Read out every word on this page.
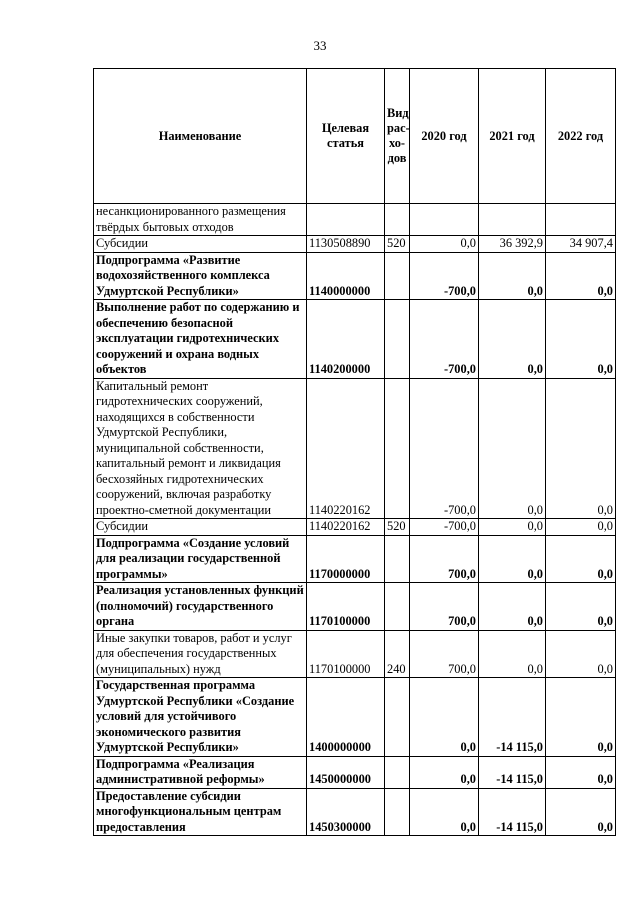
33
Наименование	Целевая статья	Вид рас-хо-дов	2020 год	2021 год	2022 год
несанкционированного размещения твёрдых бытовых отходов					
Субсидии	1130508890	520	0,0	36 392,9	34 907,4
Подпрограмма «Развитие водохозяйственного комплекса Удмуртской Республики»	1140000000		-700,0	0,0	0,0
Выполнение работ по содержанию и обеспечению безопасной эксплуатации гидротехнических сооружений и охрана водных объектов	1140200000		-700,0	0,0	0,0
Капитальный ремонт гидротехнических сооружений, находящихся в собственности Удмуртской Республики, муниципальной собственности, капитальный ремонт и ликвидация бесхозяйных гидротехнических сооружений, включая разработку проектно-сметной документации	1140220162		-700,0	0,0	0,0
Субсидии	1140220162	520	-700,0	0,0	0,0
Подпрограмма «Создание условий для реализации государственной программы»	1170000000		700,0	0,0	0,0
Реализация установленных функций (полномочий) государственного органа	1170100000		700,0	0,0	0,0
Иные закупки товаров, работ и услуг для обеспечения государственных (муниципальных) нужд	1170100000	240	700,0	0,0	0,0
Государственная программа Удмуртской Республики «Создание условий для устойчивого экономического развития Удмуртской Республики»	1400000000		0,0	-14 115,0	0,0
Подпрограмма «Реализация административной реформы»	1450000000		0,0	-14 115,0	0,0
Предоставление субсидии многофункциональным центрам предоставления	1450300000		0,0	-14 115,0	0,0
